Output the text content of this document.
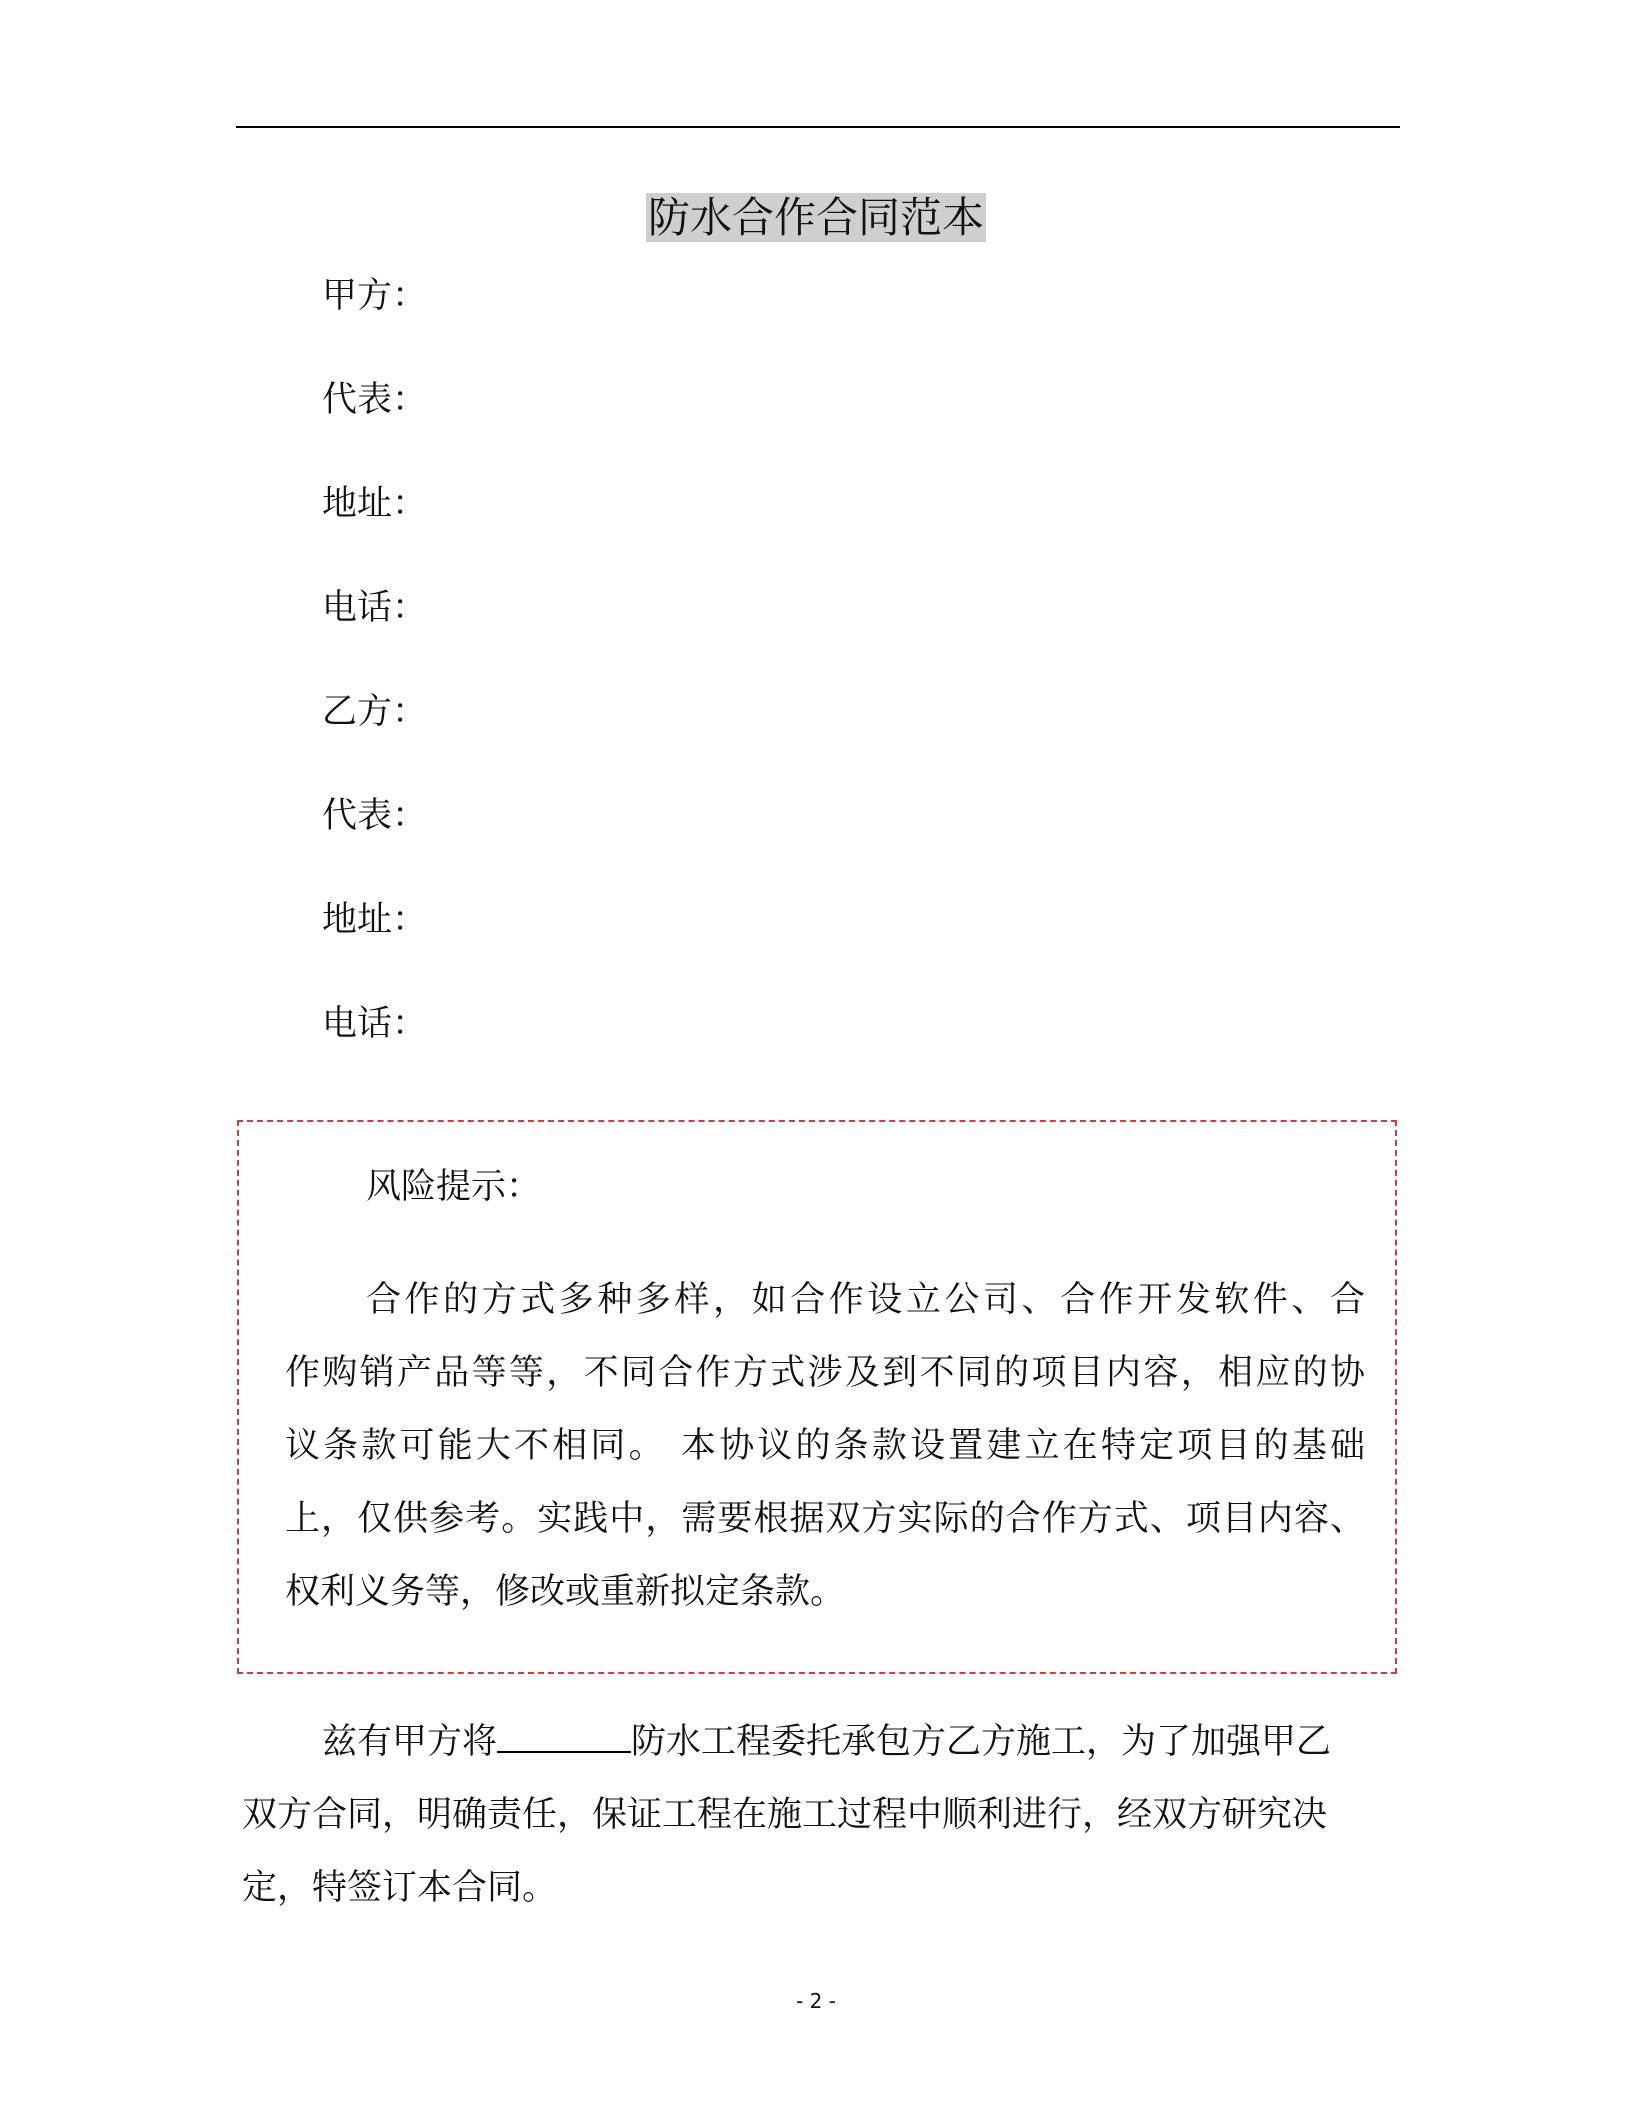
防水合作合同范本
甲方：
代表：
地址：
电话：
乙方：
代表：
地址：
电话：
风险提示：
合作的方式多种多样，如合作设立公司、合作开发软件、合
作购销产品等等，不同合作方式涉及到不同的项目内容，相应的协
议条款可能大不相同。 本协议的条款设置建立在特定项目的基础
上，仅供参考。实践中，需要根据双方实际的合作方式、项目内容、
权利义务等，修改或重新拟定条款。
兹有甲方将	防水工程委托承包方乙方施工，为了加强甲乙
双方合同，明确责任，保证工程在施工过程中顺利进行，经双方研究决
定，特签订本合同。
- 2 -
